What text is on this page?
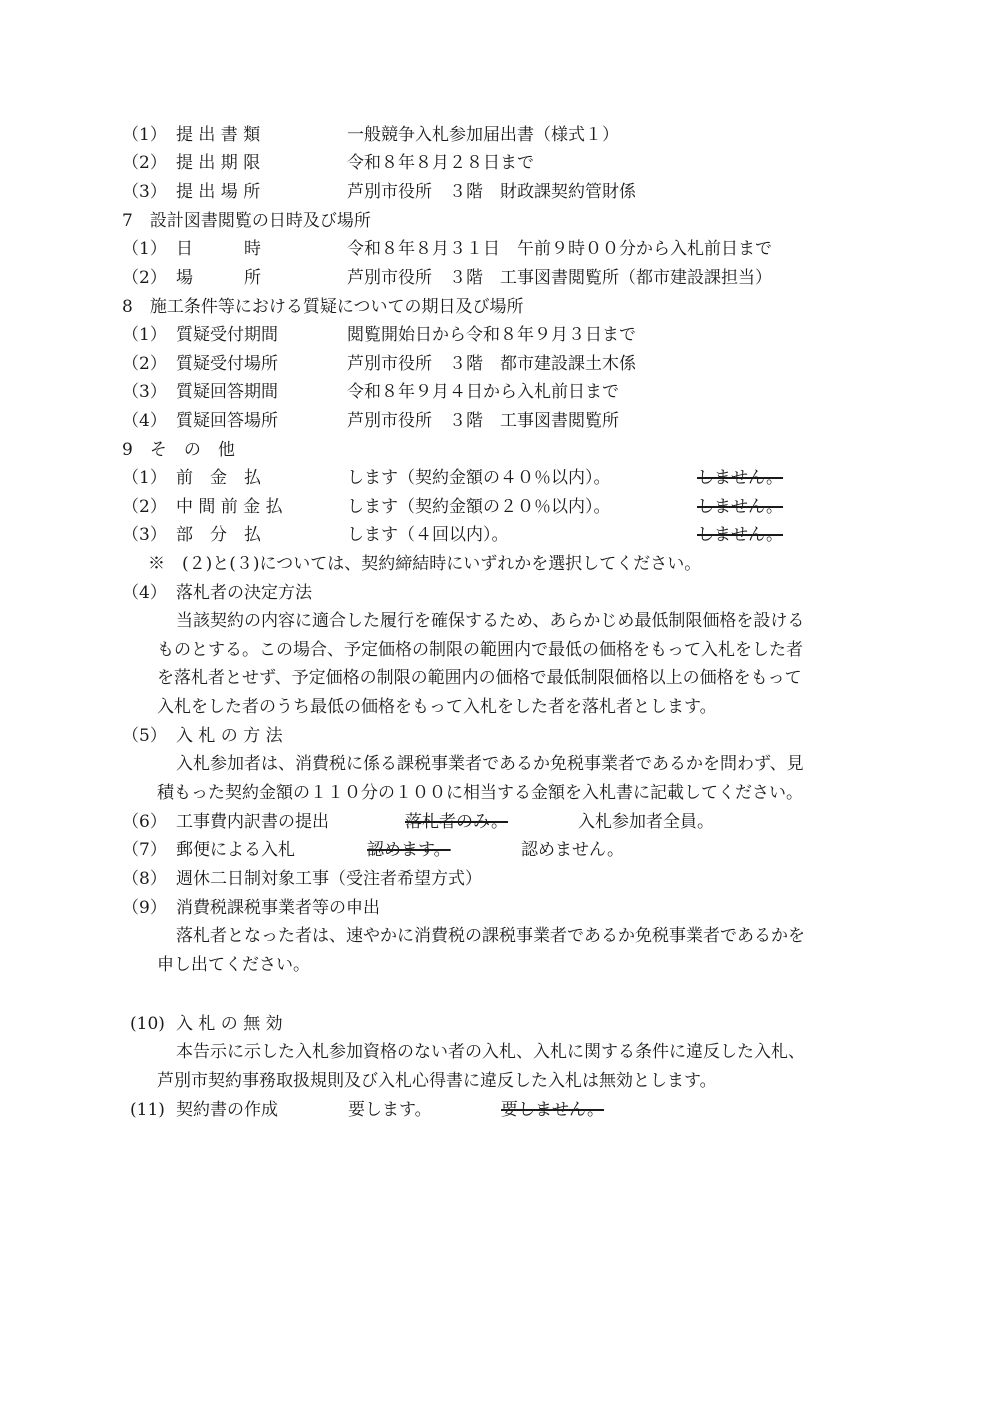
（1） 提 出 書 類	一般競争入札参加届出書（様式１）
（2） 提 出 期 限	令和８年８月２８日まで
（3） 提 出 場 所	芦別市役所　３階　財政課契約管財係
7　設計図書閲覧の日時及び場所
（1） 日　　　時	令和８年８月３１日　午前９時００分から入札前日まで
（2） 場　　　所	芦別市役所　３階　工事図書閲覧所（都市建設課担当）
8　施工条件等における質疑についての期日及び場所
（1） 質疑受付期間	閲覧開始日から令和８年９月３日まで
（2） 質疑受付場所	芦別市役所　３階　都市建設課土木係
（3） 質疑回答期間	令和８年９月４日から入札前日まで
（4） 質疑回答場所	芦別市役所　３階　工事図書閲覧所
9　そ　の　他
（1） 前　金　払	します（契約金額の４０％以内）。	しません。
（2） 中 間 前 金 払	します（契約金額の２０％以内）。	しません。
（3） 部　分　払	します（４回以内）。	しません。
※　(２)と(３)については、契約締結時にいずれかを選択してください。
（4） 落札者の決定方法
当該契約の内容に適合した履行を確保するため、あらかじめ最低制限価格を設ける
ものとする。この場合、予定価格の制限の範囲内で最低の価格をもって入札をした者
を落札者とせず、予定価格の制限の範囲内の価格で最低制限価格以上の価格をもって
入札をした者のうち最低の価格をもって入札をした者を落札者とします。
（5） 入 札 の 方 法
入札参加者は、消費税に係る課税事業者であるか免税事業者であるかを問わず、見
積もった契約金額の１１０分の１００に相当する金額を入札書に記載してください。
（6） 工事費内訳書の提出	落札者のみ。	入札参加者全員。
（7） 郵便による入札	認めます。	認めません。
（8） 週休二日制対象工事（受注者希望方式）
（9） 消費税課税事業者等の申出
落札者となった者は、速やかに消費税の課税事業者であるか免税事業者であるかを
申し出てください。
(10) 入 札 の 無 効
本告示に示した入札参加資格のない者の入札、入札に関する条件に違反した入札、
芦別市契約事務取扱規則及び入札心得書に違反した入札は無効とします。
(11) 契約書の作成	要します。	要しません。
